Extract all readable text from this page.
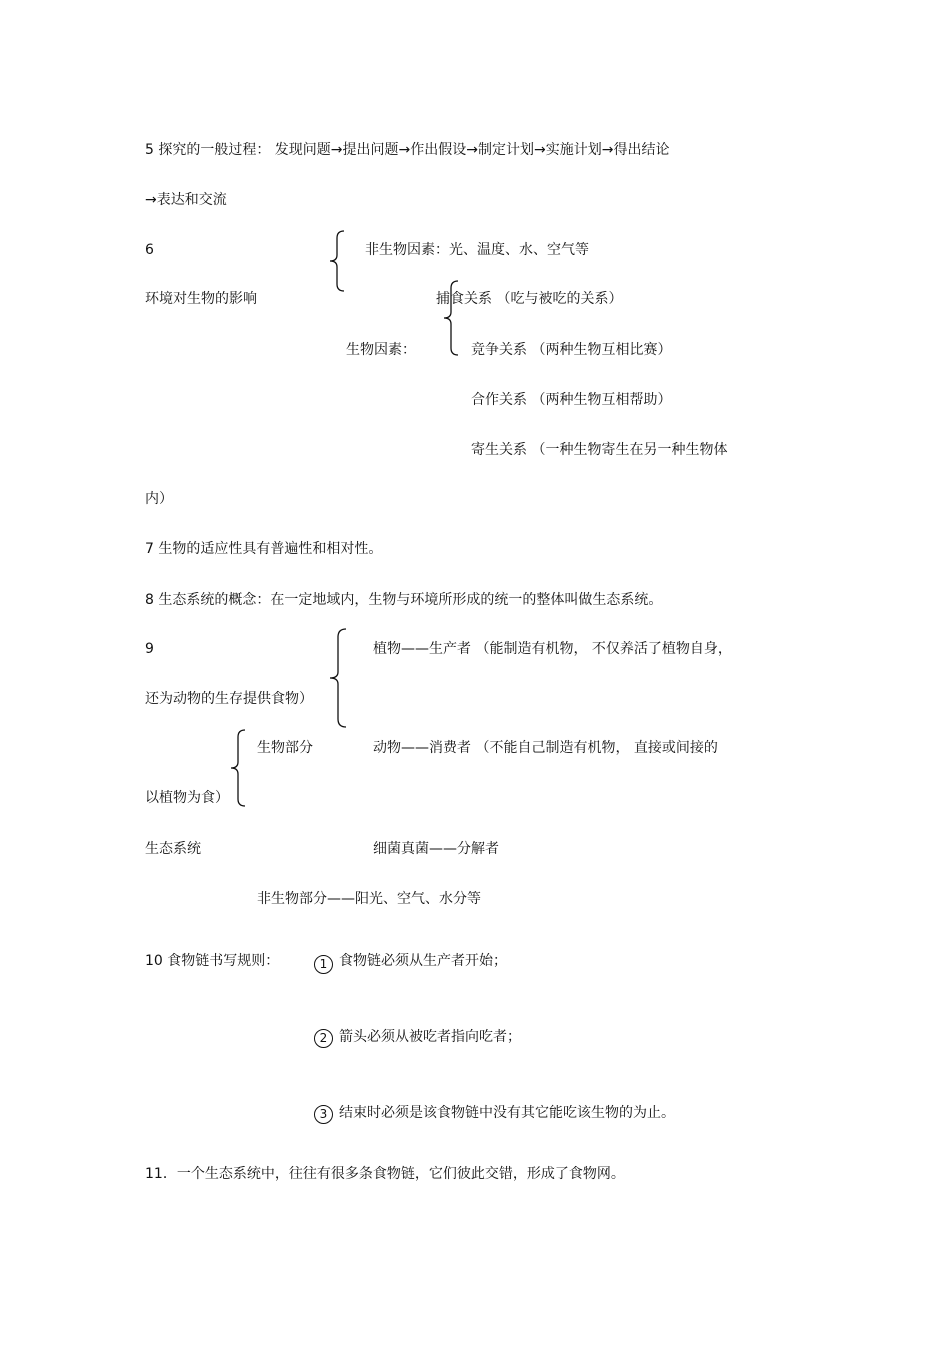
5 探究的一般过程： 发现问题→提出问题→作出假设→制定计划→实施计划→得出结论
→表达和交流
6	非生物因素：光、温度、水、空气等
环境对生物的影响	捕食关系 （吃与被吃的关系）
生物因素：	竞争关系 （两种生物互相比赛）
合作关系 （两种生物互相帮助）
寄生关系 （一种生物寄生在另一种生物体
内）
7 生物的适应性具有普遍性和相对性。
8 生态系统的概念：在一定地域内，生物与环境所形成的统一的整体叫做生态系统。
9	植物——生产者 （能制造有机物， 不仅养活了植物自身，
还为动物的生存提供食物）
生物部分	动物——消费者 （不能自己制造有机物， 直接或间接的
以植物为食）
生态系统	细菌真菌——分解者
非生物部分——阳光、空气、水分等
10 食物链书写规则：	1 食物链必须从生产者开始；
2 箭头必须从被吃者指向吃者；
3 结束时必须是该食物链中没有其它能吃该生物的为止。
11．一个生态系统中，往往有很多条食物链，它们彼此交错，形成了食物网。
